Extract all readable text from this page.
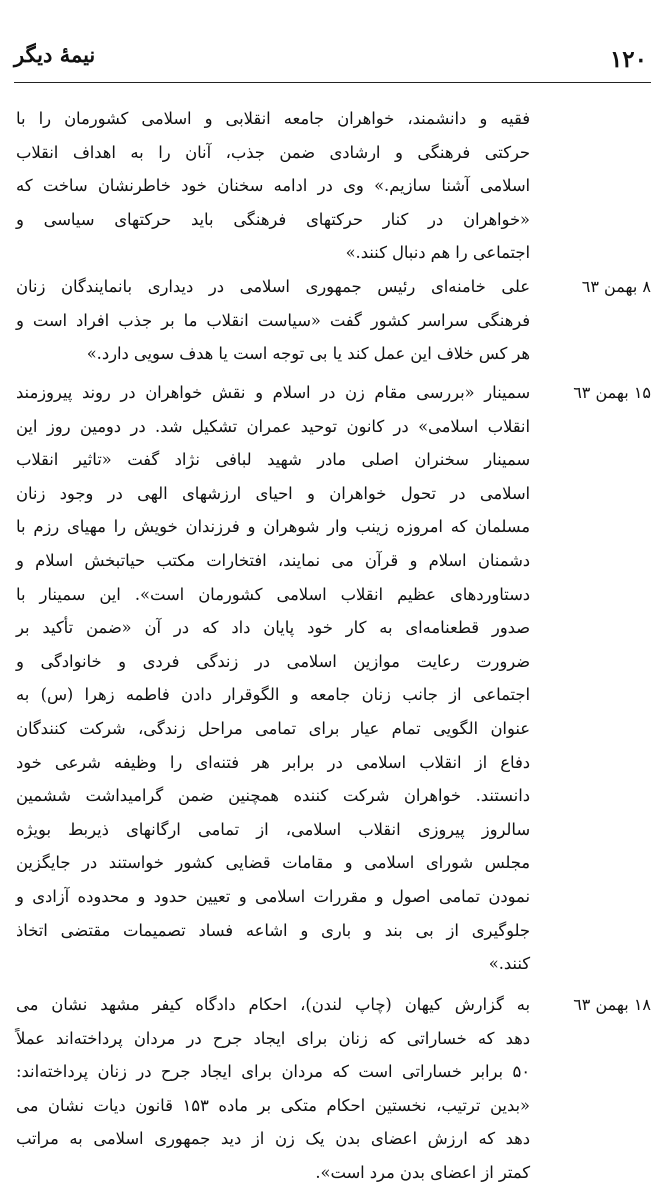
۱۲۰
نیمهٔ دیگر
فقیه و دانشمند، خواهران جامعه انقلابی و اسلامی کشورمان را با
حرکتی فرهنگی و ارشادی ضمن جذب، آنان را به اهداف انقلاب
اسلامی آشنا سازیم.» وی در ادامه سخنان خود خاطرنشان ساخت که
«خواهران در کنار حرکتهای فرهنگی باید حرکتهای سیاسی و
اجتماعی را هم دنبال کنند.»
۸ بهمن ٦٣
علی خامنه‌ای رئیس جمهوری اسلامی در دیداری بانمایندگان زنان
فرهنگی سراسر کشور گفت «سیاست انقلاب ما بر جذب افراد است و
هر کس خلاف این عمل کند یا بی توجه است یا هدف سویی دارد.»
۱۵ بهمن ٦٣
سمینار «بررسی مقام زن در اسلام و نقش خواهران در روند پیروزمند
انقلاب اسلامی» در کانون توحید عمران تشکیل شد. در دومین روز این
سمینار سخنران اصلی مادر شهید لبافی نژاد گفت «تاثیر انقلاب
اسلامی در تحول خواهران و احیای ارزشهای الهی در وجود زنان
مسلمان که امروزه زینب وار شوهران و فرزندان خویش را مهیای رزم با
دشمنان اسلام و قرآن می نمایند، افتخارات مکتب حیاتبخش اسلام و
دستاوردهای عظیم انقلاب اسلامی کشورمان است». این سمینار با
صدور قطعنامه‌ای به کار خود پایان داد که در آن «ضمن تأکید بر
ضرورت رعایت موازین اسلامی در زندگی فردی و خانوادگی و
اجتماعی از جانب زنان جامعه و الگوقرار دادن فاطمه زهرا (س) به
عنوان الگویی تمام عیار برای تمامی مراحل زندگی، شرکت کنندگان
دفاع از انقلاب اسلامی در برابر هر فتنه‌ای را وظیفه شرعی خود
دانستند. خواهران شرکت کننده همچنین ضمن گرامیداشت ششمین
سالروز پیروزی انقلاب اسلامی، از تمامی ارگانهای ذیربط بویژه
مجلس شورای اسلامی و مقامات قضایی کشور خواستند در جایگزین
نمودن تمامی اصول و مقررات اسلامی و تعیین حدود و محدوده آزادی و
جلوگیری از بی بند و باری و اشاعه فساد تصمیمات مقتضی اتخاذ
کنند.»
۱۸ بهمن ٦٣
به گزارش کیهان (چاپ لندن)، احکام دادگاه کیفر مشهد نشان می
دهد که خساراتی که زنان برای ایجاد جرح در مردان پرداخته‌اند عملاً
۵۰ برابر خساراتی است که مردان برای ایجاد جرح در زنان پرداخته‌اند:
«بدین ترتیب، نخستین احکام متکی بر ماده ۱۵۳ قانون دیات نشان می
دهد که ارزش اعضای بدن یک زن از دید جمهوری اسلامی به مراتب
کمتر از اعضای بدن مرد است».
